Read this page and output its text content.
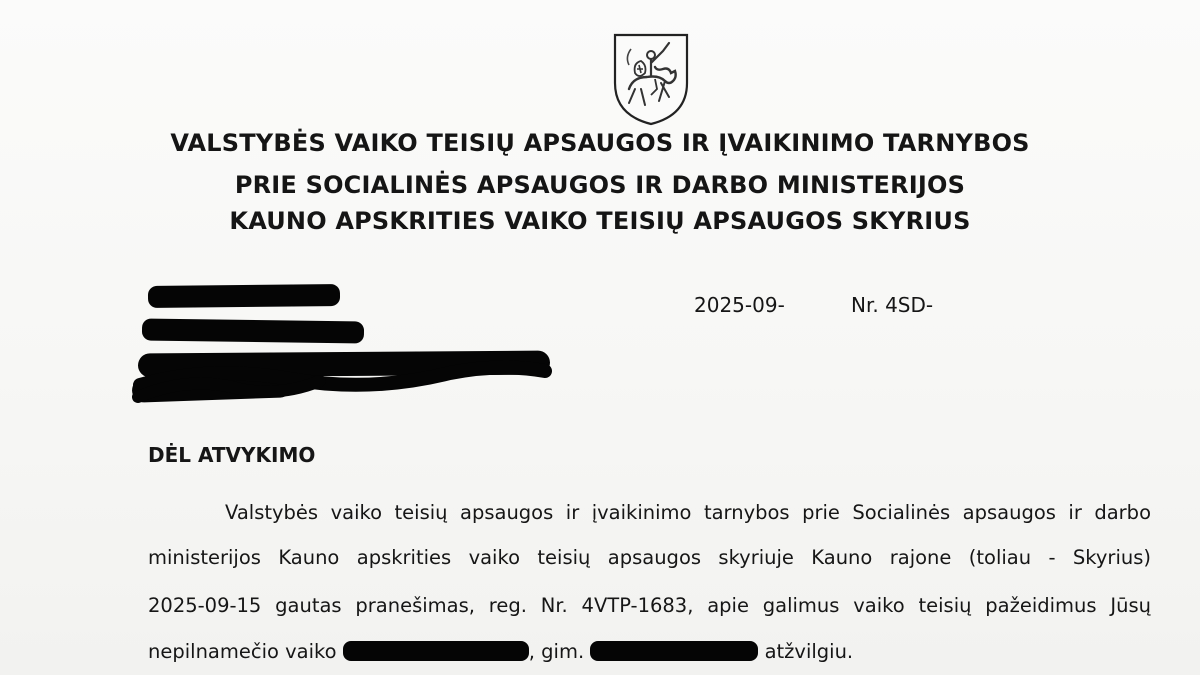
VALSTYBĖS VAIKO TEISIŲ APSAUGOS IR ĮVAIKINIMO TARNYBOS
PRIE SOCIALINĖS APSAUGOS IR DARBO MINISTERIJOS
KAUNO APSKRITIES VAIKO TEISIŲ APSAUGOS SKYRIUS
2025-09-	Nr. 4SD-
DĖL ATVYKIMO
Valstybės vaiko teisių apsaugos ir įvaikinimo tarnybos prie Socialinės apsaugos ir darbo
ministerijos Kauno apskrities vaiko teisių apsaugos skyriuje Kauno rajone (toliau - Skyrius)
2025-09-15 gautas pranešimas, reg. Nr. 4VTP-1683, apie galimus vaiko teisių pažeidimus Jūsų
nepilnamečio vaiko	, gim.	atžvilgiu.
